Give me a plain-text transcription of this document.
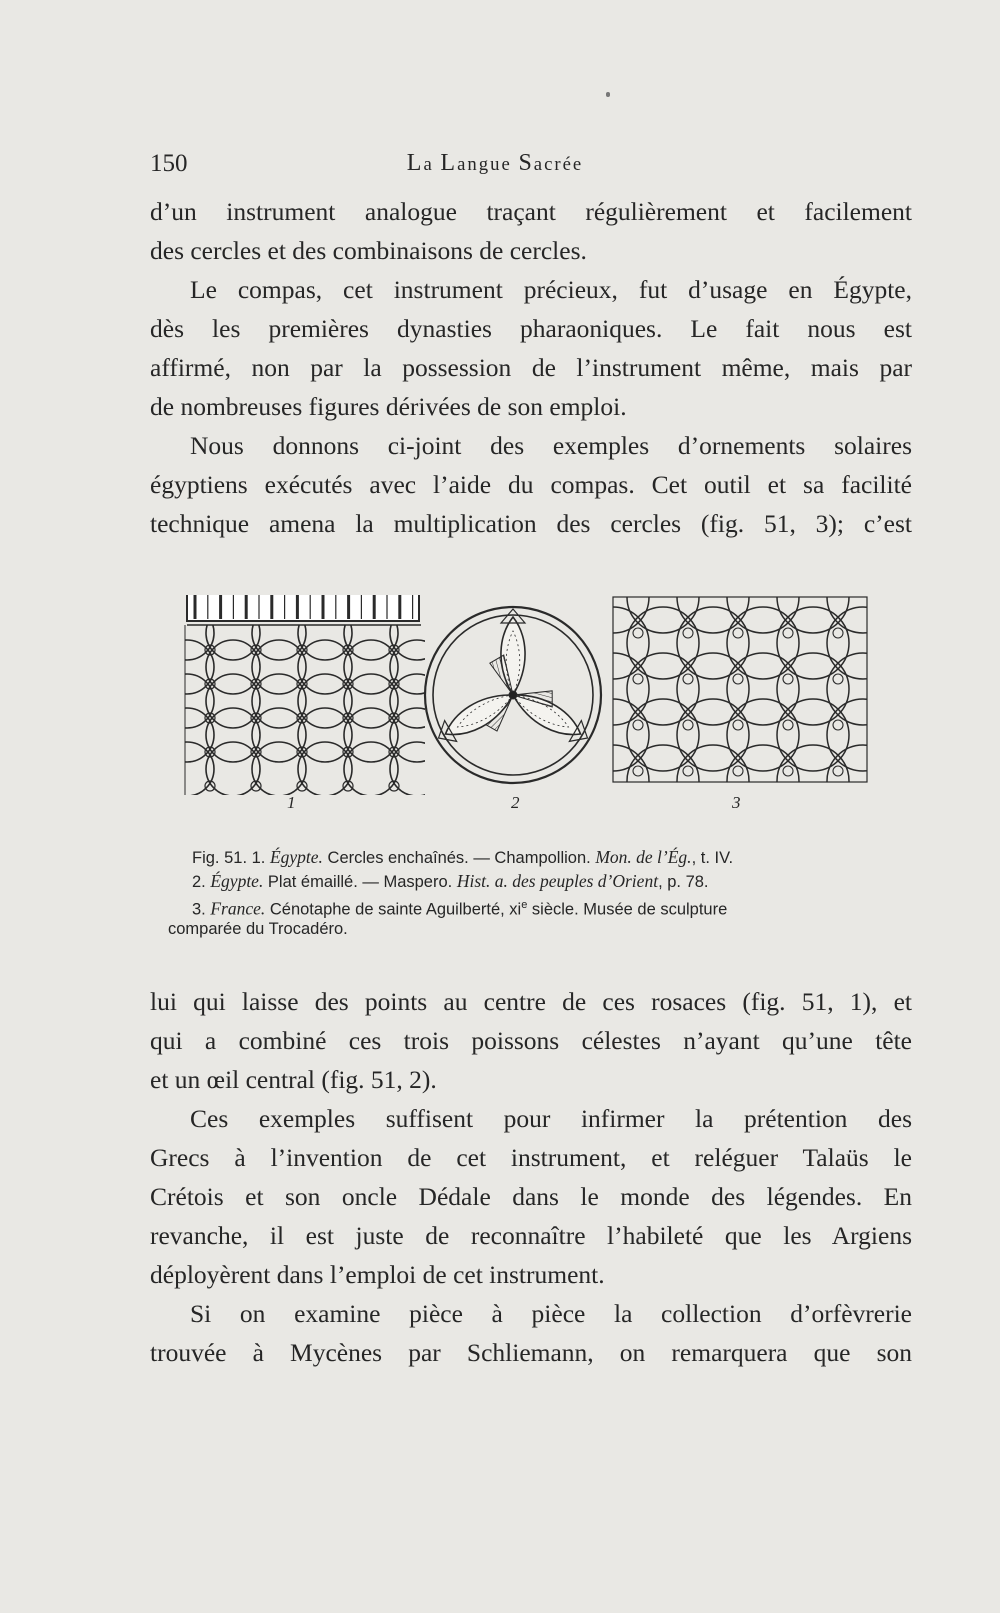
150	La Langue Sacrée
d’un instrument analogue traçant régulièrement et facilement
des cercles et des combinaisons de cercles.
Le compas, cet instrument précieux, fut d’usage en Égypte,
dès les premières dynasties pharaoniques. Le fait nous est
affirmé, non par la possession de l’instrument même, mais par
de nombreuses figures dérivées de son emploi.
Nous donnons ci-joint des exemples d’ornements solaires
égyptiens exécutés avec l’aide du compas. Cet outil et sa facilité
technique amena la multiplication des cercles (fig. 51, 3); c’est
1	2	3
Fig. 51. 1. Égypte. Cercles enchaînés. — Champollion. Mon. de l’Ég., t. IV.
2. Égypte. Plat émaillé. — Maspero. Hist. a. des peuples d’Orient, p. 78.
3. France. Cénotaphe de sainte Aguilberté, $xi^e$ siècle. Musée de sculpture
comparée du Trocadéro.
lui qui laisse des points au centre de ces rosaces (fig. 51, 1), et
qui a combiné ces trois poissons célestes n’ayant qu’une tête
et un œil central (fig. 51, 2).
Ces exemples suffisent pour infirmer la prétention des
Grecs à l’invention de cet instrument, et reléguer Talaüs le
Crétois et son oncle Dédale dans le monde des légendes. En
revanche, il est juste de reconnaître l’habileté que les Argiens
déployèrent dans l’emploi de cet instrument.
Si on examine pièce à pièce la collection d’orfèvrerie
trouvée à Mycènes par Schliemann, on remarquera que son
